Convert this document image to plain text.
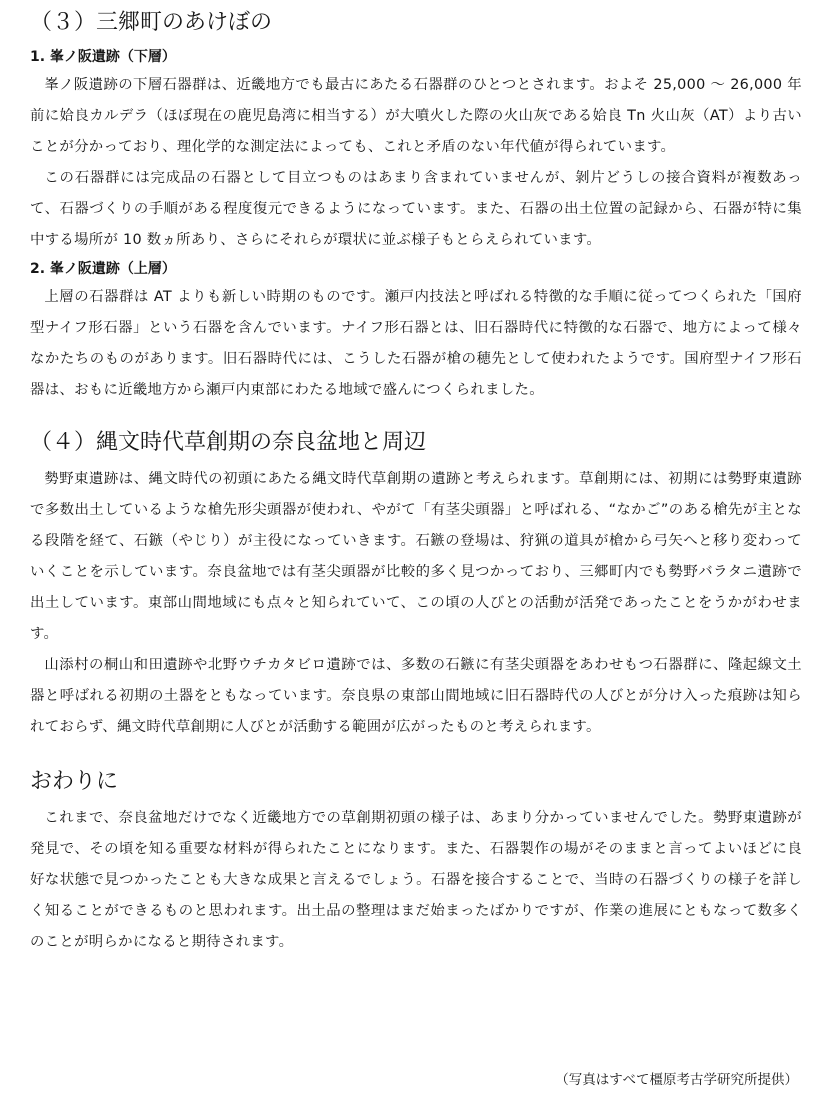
（３）三郷町のあけぼの
1. 峯ノ阪遺跡（下層）

峯ノ阪遺跡の下層石器群は、近畿地方でも最古にあたる石器群のひとつとされます。およそ 25,000 ～ 26,000 年前に姶良カルデラ（ほぼ現在の鹿児島湾に相当する）が大噴火した際の火山灰である姶良 Tn 火山灰（AT）より古いことが分かっており、理化学的な測定法によっても、これと矛盾のない年代値が得られています。

この石器群には完成品の石器として目立つものはあまり含まれていませんが、剝片どうしの接合資料が複数あって、石器づくりの手順がある程度復元できるようになっています。また、石器の出土位置の記録から、石器が特に集中する場所が 10 数ヵ所あり、さらにそれらが環状に並ぶ様子もとらえられています。

2. 峯ノ阪遺跡（上層）

上層の石器群は AT よりも新しい時期のものです。瀬戸内技法と呼ばれる特徴的な手順に従ってつくられた「国府型ナイフ形石器」という石器を含んでいます。ナイフ形石器とは、旧石器時代に特徴的な石器で、地方によって様々なかたちのものがあります。旧石器時代には、こうした石器が槍の穂先として使われたようです。国府型ナイフ形石器は、おもに近畿地方から瀬戸内東部にわたる地域で盛んにつくられました。

（４）縄文時代草創期の奈良盆地と周辺

勢野東遺跡は、縄文時代の初頭にあたる縄文時代草創期の遺跡と考えられます。草創期には、初期には勢野東遺跡で多数出土しているような槍先形尖頭器が使われ、やがて「有茎尖頭器」と呼ばれる、“なかご”のある槍先が主となる段階を経て、石鏃（やじり）が主役になっていきます。石鏃の登場は、狩猟の道具が槍から弓矢へと移り変わっていくことを示しています。奈良盆地では有茎尖頭器が比較的多く見つかっており、三郷町内でも勢野バラタニ遺跡で出土しています。東部山間地域にも点々と知られていて、この頃の人びとの活動が活発であったことをうかがわせます。

山添村の桐山和田遺跡や北野ウチカタビロ遺跡では、多数の石鏃に有茎尖頭器をあわせもつ石器群に、隆起線文土器と呼ばれる初期の土器をともなっています。奈良県の東部山間地域に旧石器時代の人びとが分け入った痕跡は知られておらず、縄文時代草創期に人びとが活動する範囲が広がったものと考えられます。

おわりに

これまで、奈良盆地だけでなく近畿地方での草創期初頭の様子は、あまり分かっていませんでした。勢野東遺跡が発見で、その頃を知る重要な材料が得られたことになります。また、石器製作の場がそのままと言ってよいほどに良好な状態で見つかったことも大きな成果と言えるでしょう。石器を接合することで、当時の石器づくりの様子を詳しく知ることができるものと思われます。出土品の整理はまだ始まったばかりですが、作業の進展にともなって数多くのことが明らかになると期待されます。

（写真はすべて橿原考古学研究所提供）
